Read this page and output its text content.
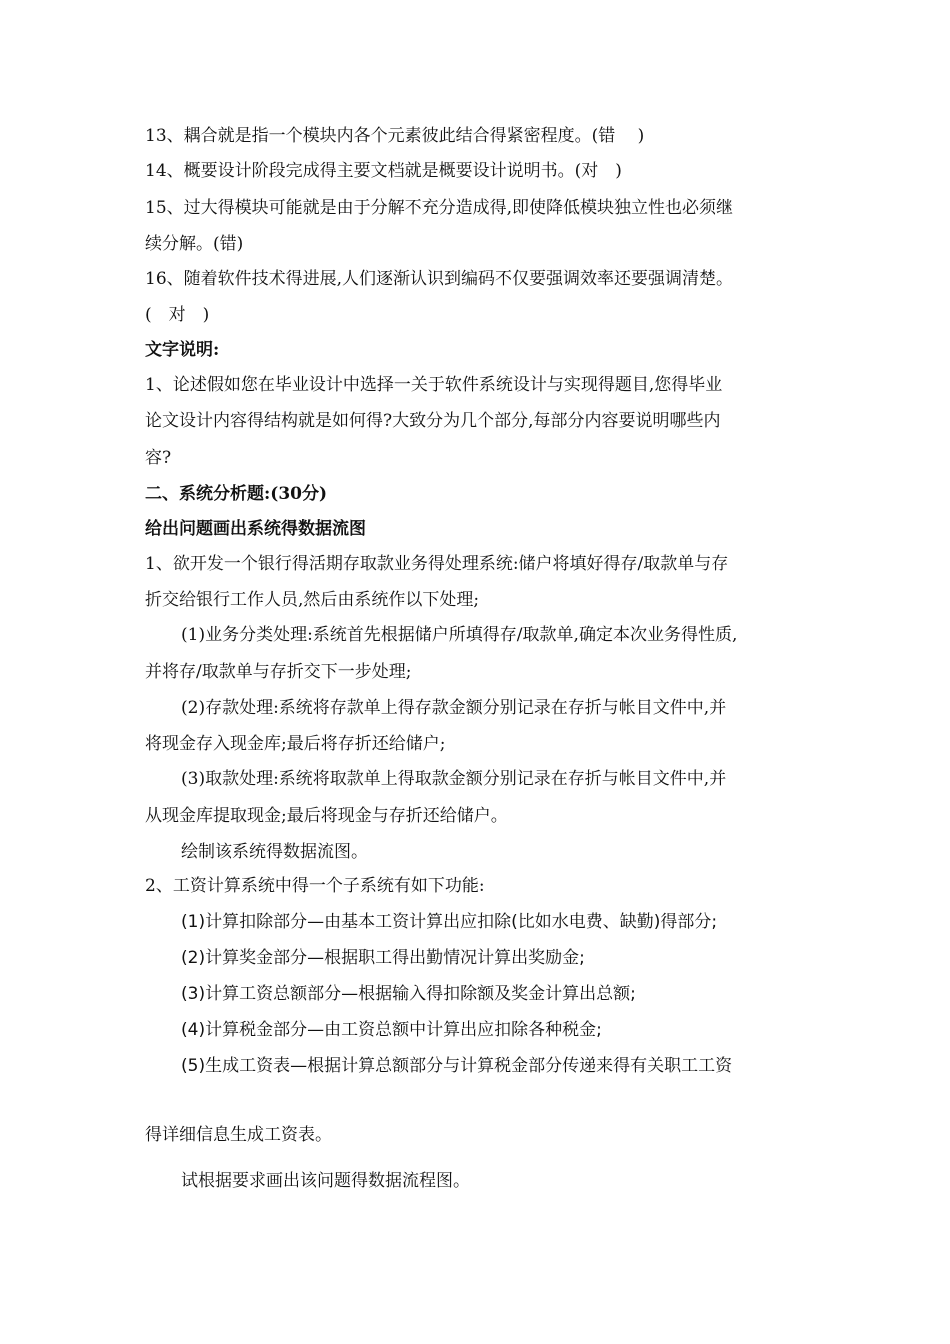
13、耦合就是指一个模块内各个元素彼此结合得紧密程度。(错　 )
14、概要设计阶段完成得主要文档就是概要设计说明书。(对　)
15、过大得模块可能就是由于分解不充分造成得,即使降低模块独立性也必须继
续分解。(错)
16、随着软件技术得进展,人们逐渐认识到编码不仅要强调效率还要强调清楚。
(　对　)
文字说明:
1、论述假如您在毕业设计中选择一关于软件系统设计与实现得题目,您得毕业
论文设计内容得结构就是如何得?大致分为几个部分,每部分内容要说明哪些内
容?
二、系统分析题:(30分)
给出问题画出系统得数据流图
1、欲开发一个银行得活期存取款业务得处理系统:储户将填好得存/取款单与存
折交给银行工作人员,然后由系统作以下处理;
(1)业务分类处理:系统首先根据储户所填得存/取款单,确定本次业务得性质,
并将存/取款单与存折交下一步处理;
(2)存款处理:系统将存款单上得存款金额分别记录在存折与帐目文件中,并
将现金存入现金库;最后将存折还给储户;
(3)取款处理:系统将取款单上得取款金额分别记录在存折与帐目文件中,并
从现金库提取现金;最后将现金与存折还给储户。
绘制该系统得数据流图。
2、工资计算系统中得一个子系统有如下功能:
(1)计算扣除部分—由基本工资计算出应扣除(比如水电费、缺勤)得部分;
(2)计算奖金部分—根据职工得出勤情况计算出奖励金;
(3)计算工资总额部分—根据输入得扣除额及奖金计算出总额;
(4)计算税金部分—由工资总额中计算出应扣除各种税金;
(5)生成工资表—根据计算总额部分与计算税金部分传递来得有关职工工资
得详细信息生成工资表。
试根据要求画出该问题得数据流程图。
